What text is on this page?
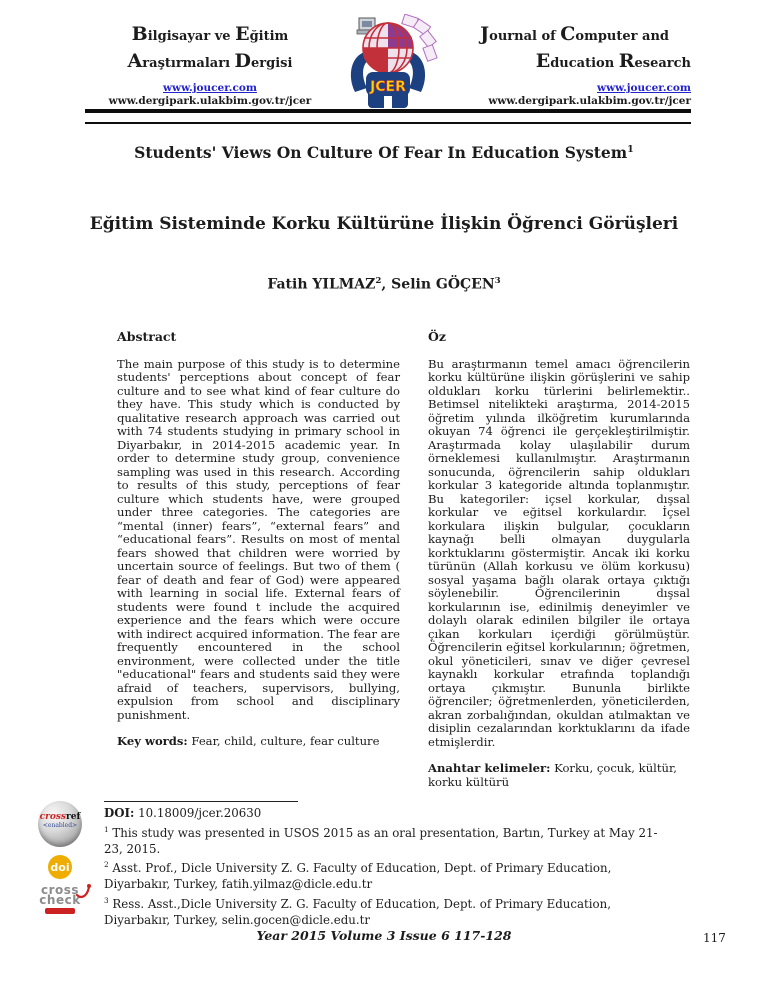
Bilgisayar ve Eğitim
Araştırmaları Dergisi
www.joucer.com
www.dergipark.ulakbim.gov.tr/jcer
JCER
Journal of Computer and
Education Research
www.joucer.com
www.dergipark.ulakbim.gov.tr/jcer
Students' Views On Culture Of Fear In Education System$^1$
Eğitim Sisteminde Korku Kültürüne İlişkin Öğrenci Görüşleri
Fatih YILMAZ$^2$, Selin GÖÇEN$^3$
Abstract

The main purpose of this study is to determine students' perceptions about concept of fear culture and to see what kind of fear culture do they have. This study which is conducted by qualitative research approach was carried out with 74 students studying in primary school in Diyarbakır, in 2014-2015 academic year. In order to determine study group, convenience sampling was used in this research. According to results of this study, perceptions of fear culture which students have, were grouped under three categories. The categories are “mental (inner) fears”, “external fears” and “educational fears”. Results on most of mental fears showed that children were worried by uncertain source of feelings. But two of them ( fear of death and fear of God) were appeared with learning in social life. External fears of students were found t include the acquired experience and the fears which were occure with indirect acquired information. The fear are frequently encountered in the school environment, were collected under the title "educational" fears and students said they were afraid of teachers, supervisors, bullying, expulsion from school and disciplinary punishment.

Key words: Fear, child, culture, fear culture

Öz

Bu araştırmanın temel amacı öğrencilerin korku kültürüne ilişkin görüşlerini ve sahip oldukları korku türlerini belirlemektir.. Betimsel nitelikteki araştırma, 2014-2015 öğretim yılında ilköğretim kurumlarında okuyan 74 öğrenci ile gerçekleştirilmiştir. Araştırmada kolay ulaşılabilir durum örneklemesi kullanılmıştır. Araştırmanın sonucunda, öğrencilerin sahip oldukları korkular 3 kategoride altında toplanmıştır. Bu kategoriler: içsel korkular, dışsal korkular ve eğitsel korkulardır. İçsel korkulara ilişkin bulgular, çocukların kaynağı belli olmayan duygularla korktuklarını göstermiştir. Ancak iki korku türünün (Allah korkusu ve ölüm korkusu) sosyal yaşama bağlı olarak ortaya çıktığı söylenebilir. Öğrencilerinin dışsal korkularının ise, edinilmiş deneyimler ve dolaylı olarak edinilen bilgiler ile ortaya çıkan korkuları içerdiği görülmüştür. Öğrencilerin eğitsel korkularının; öğretmen, okul yöneticileri, sınav ve diğer çevresel kaynaklı korkular etrafında toplandığı ortaya çıkmıştır. Bununla birlikte öğrenciler; öğretmenlerden, yöneticilerden, akran zorbalığından, okuldan atılmaktan ve disiplin cezalarından korktuklarını da ifade etmişlerdir.

Anahtar kelimeler: Korku, çocuk, kültür, korku kültürü

crossref
<enabled>
doi
cross
check

DOI: 10.18009/jcer.20630

$^1$ This study was presented in USOS 2015 as an oral presentation, Bartın, Turkey at May 21-23, 2015.

$^2$ Asst. Prof., Dicle University Z. G. Faculty of Education, Dept. of Primary Education, Diyarbakır, Turkey, fatih.yilmaz@dicle.edu.tr

$^3$ Ress. Asst.,Dicle University Z. G. Faculty of Education, Dept. of Primary Education, Diyarbakır, Turkey, selin.gocen@dicle.edu.tr

Year 2015 Volume 3 Issue 6 117-128	117
